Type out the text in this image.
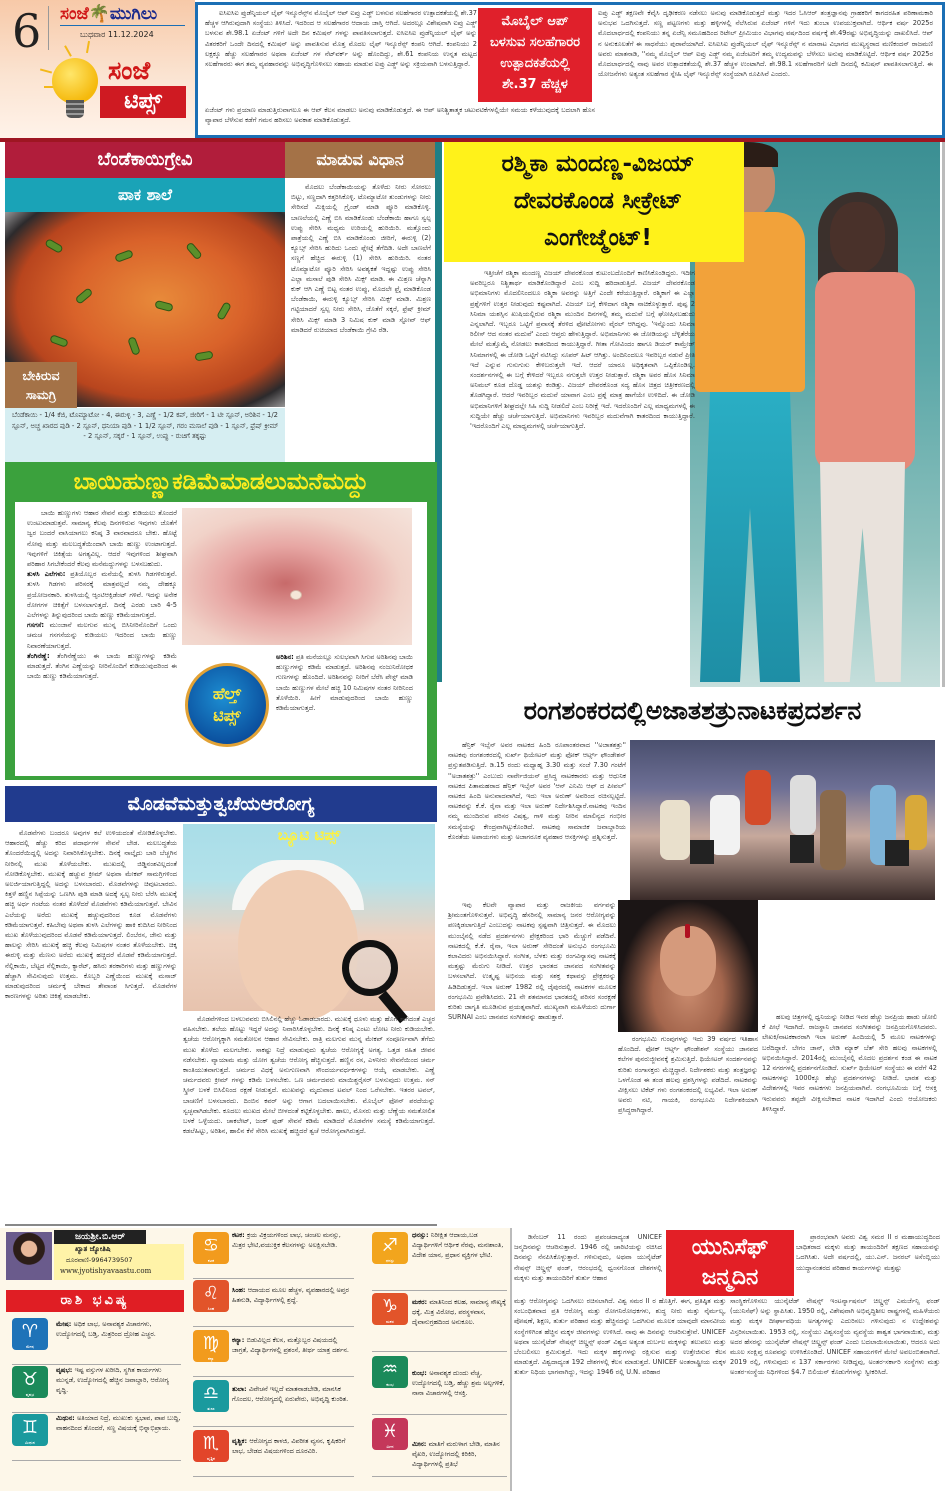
6 ಸಂಜೆ🌴ಮುಗಿಲು
ಬುಧವಾರ 11.12.2024
ಸಂಜೆ
ಟಿಪ್ಸ್

ಐಸಿಐಸಿಐ ಪ್ರುಡೆನ್ಶಿಯಲ್ ಲೈಫ್ ಇನ್ಶೂರೆನ್ಸ್‌ನ ಮೊಬೈಲ್ ಆಪ್ ಐಪ್ರು ಎಡ್ಜ್ ಬಳಸುವ ಸಲಹೆಗಾರರ ಉತ್ಪಾದಕತೆಯಲ್ಲಿ ಶೇ.37 ಹೆಚ್ಚಳ ಆಗಿರುವುದಾಗಿ ಸಂಸ್ಥೆಯು ತಿಳಿಸಿದೆ. ಇದರಿಂದ ಆ ಸಲಹೆಗಾರರ ಆದಾಯ ಜಾಸ್ತಿ ಆಗಿದೆ. ಅದರಲ್ಲೂ ವಿಶೇಷವಾಗಿ ಐಪ್ರು ಎಡ್ಜ್ ಬಳಸುವ ಶೇ.98.1 ಏಜೆಂಟ್ ಗಳಿಗೆ ಅದೇ ದಿನ ಕಮಿಷನ್ ಗಳನ್ನು ಪಾವತಿಸಲಾಗುತ್ತದೆ. ಐಸಿಐಸಿಐ ಪ್ರುಡೆನ್ಶಿಯಲ್ ಲೈಫ್ ಅನ್ನು ವಿತರಕರಿಗೆ ಒಂದೇ ದಿನದಲ್ಲಿ ಕಮಿಷನ್ ಅನ್ನು ಪಾವತಿಸುವ ಮೊತ್ತ ಮೊದಲ ಲೈಫ್ ಇನ್ಶೂರೆನ್ಸ್ ಕಂಪನಿ ಆಗಿದೆ. ಕಂಪನಿಯು 2 ಲಕ್ಷಕ್ಕೂ ಹೆಚ್ಚು ಸಲಹೆಗಾರರ ಅಥವಾ ಏಜೆಂಟ್ ಗಳ ನೆಟ್‌ವರ್ಕ್ ಅನ್ನು ಹೊಂದಿದ್ದು, ಶೇ.61 ಕಂಪನಿಯ ಉನ್ನತ ಮಟ್ಟದ ಸಲಹೆಗಾರರು ಈಗ ತಮ್ಮ ವ್ಯವಹಾರವನ್ನು ಅಭಿವೃದ್ಧಿಗೊಳಿಸಲು ಸಹಾಯ ಮಾಡುವ ಐಪ್ರು ಎಡ್ಜ್ ಅನ್ನು ಸಕ್ರಿಯವಾಗಿ ಬಳಸುತ್ತಿದ್ದಾರೆ.

ಮೊಬೈಲ್ ಆಪ್
ಬಳಸುವ ಸಲಹೆಗಾರರ
ಉತ್ಪಾದಕತೆಯಲ್ಲಿ
ಶೇ.37 ಹೆಚ್ಚಳ

ಏಜೆಂಟ್ ಗಳು ಪ್ರಯಾಣ ಮಾಡುತ್ತಿರುವಾಗಲೂ ಈ ಆಪ್ ಕೆಲಸ ಮಾಡಲು ಅನುವು ಮಾಡಿಕೊಡುತ್ತದೆ. ಈ ಆಪ್ ಅನಿಶ್ಚಿತಾತ್ಮಕ ಚಟುವಟಿಕೆಗಳಲ್ಲಿಯೇ ಸಮಯ ಕಳೆಯುವುದಕ್ಕೆ ಬದಲಾಗಿ ಹೊಸ ವ್ಯಾಪಾರ ಬೆಳೆಸುವ ಕಡೆಗೆ ಗಮನ ಹರಿಸಲು ಅವಕಾಶ ಮಾಡಿಕೊಡುತ್ತದೆ.

ಐಪ್ರು ಎಡ್ಜ್ ತಕ್ಷಣವೇ ಕೆವೈಸಿ ದೃಢೀಕರಣ ನಡೆಸಲು ಅನುವು ಮಾಡಿಕೊಡುತ್ತದೆ ಮತ್ತು ಇದರ ಓಸಿಆರ್ ತಂತ್ರಜ್ಞಾನವು ಗ್ರಾಹಕರಿಗೆ ಕಾಗದರಹಿತ ಪರಿಣಾಮಕಾರಿ ಅನುಭವ ಒದಗಿಸುತ್ತದೆ. ಸಣ್ಣ ಪಟ್ಟಣಗಳು ಮತ್ತು ಹಳ್ಳಿಗಳಲ್ಲಿ ನೆಲೆಸಿರುವ ಏಜೆಂಟ್ ಗಳಿಗೆ ಇದು ತುಂಬಾ ಉಪಯುಕ್ತವಾಗಿದೆ. ಆರ್ಥಿಕ ವರ್ಷ 2025ರ ಮೊದಲಾರ್ಧದಲ್ಲಿ ಕಂಪನಿಯು ತನ್ನ ಏಜೆನ್ಸಿ ಸಮೂಹದಿಂದ ರಿಟೇಲ್ ಪ್ರೀಮಿಯಂ ವಿಭಾಗವು ವರ್ಷದಿಂದ ವರ್ಷಕ್ಕೆ ಶೇ.49ರಷ್ಟು ಅಭಿವೃದ್ಧಿಯನ್ನು ದಾಖಲಿಸಿದೆ. ಆಪ್ ನ ಅನುಕೂಲತೆಗೆ ಈ ಸಾಧನೆಯು ಪುರಾವೆಯಾಗಿದೆ. ಐಸಿಐಸಿಐ ಪ್ರುಡೆನ್ಶಿಯಲ್ ಲೈಫ್ ಇನ್ಶೂರೆನ್ಸ್ ನ ಮಾರಾಟ ವಿಭಾಗದ ಮುಖ್ಯಸ್ಥರಾದ ಮಣಿಕಂದನ್ ರಾಜಮಣಿ ಅವರು ಮಾತನಾಡಿ, ''ನಮ್ಮ ಮೊಬೈಲ್ ಆಪ್ ಐಪ್ರು ಎಡ್ಜ್ ನಮ್ಮ ಏಜೆಂಟರಿಗೆ ತಮ್ಮ ಉದ್ಯಮವನ್ನು ಬೆಳೆಸಲು ಅನುವು ಮಾಡಿಕೊಟ್ಟಿದೆ. ಆರ್ಥಿಕ ವರ್ಷ 2025ರ ಮೊದಲಾರ್ಧದಲ್ಲಿ ನಾವು ಅವರ ಉತ್ಪಾದಕತೆಯಲ್ಲಿ ಶೇ.37 ಹೆಚ್ಚಳ ಉಂಟಾಗಿದೆ. ಶೇ.98.1 ಸಲಹೆಗಾರರಿಗೆ ಅದೇ ದಿನದಲ್ಲಿ ಕಮಿಷನ್ ಪಾವತಿಸಲಾಗುತ್ತಿದೆ. ಈ ಯೋಜನೆಗಳು ಅತ್ಯಂತ ಸಲಹೆಗಾರ ಸ್ನೇಹಿ ಲೈಫ್ ಇನ್ಶೂರೆನ್ಸ್ ಸಂಸ್ಥೆಯಾಗಿ ರೂಪಿಸಿವೆ ಎಂದರು.

ಬೆಂಡೆಕಾಯಿಗ್ರೇವಿ	ಮಾಡುವ ವಿಧಾನ
ಪಾಕ ಶಾಲೆ
ಬೇಕಿರುವ
ಸಾಮಗ್ರಿ
ಬೆಂಡೆಕಾಯಿ - 1/4 ಕೆಜಿ, ಟೊಮ್ಯಾಟೋ - 4, ಈರುಳ್ಳಿ - 3, ಎಣ್ಣೆ - 1/2 ಕಪ್, ಜೀರಿಗೆ - 1 ಟೀ ಸ್ಪೂನ್, ಅರಿಶಿನ - 1/2 ಸ್ಪೂನ್, ಅಚ್ಚ ಖಾರದ ಪುಡಿ - 2 ಸ್ಪೂನ್, ಧನಿಯಾ ಪುಡಿ - 1 1/2 ಸ್ಪೂನ್, ಗರಂ ಮಸಾಲೆ ಪುಡಿ - 1 ಸ್ಪೂನ್, ಫ್ರೆಷ್ ಕ್ರೀಮ್ - 2 ಸ್ಪೂನ್, ಸಕ್ಕರೆ - 1 ಸ್ಪೂನ್, ಉಪ್ಪು - ರುಚಿಗೆ ತಕ್ಕಷ್ಟು

ಮೊದಲು ಬೆಂಡೆಕಾಯಿಯನ್ನು ತೊಳೆದು ನೀರು ಸೋರಲು ಬಿಟ್ಟು, ಸಣ್ಣದಾಗಿ ಕತ್ತರಿಸಿಕೊಳ್ಳಿ. ಟೊಮ್ಯಾಟೋ ತುಂಡುಗಳನ್ನು ನೀರು ಸೇರಿಸದೆ ಮಿಕ್ಸಿಯಲ್ಲಿ ಗ್ರೈಂಡ್ ಮಾಡಿ ಪ್ಯೂರಿ ಮಾಡಿಕೊಳ್ಳಿ. ಬಾಣಲೆಯಲ್ಲಿ ಎಣ್ಣೆ ಬಿಸಿ ಮಾಡಿಕೊಂಡು ಬೆಂಡೆಕಾಯಿ ಹಾಗೂ ಸ್ವಲ್ಪ ಉಪ್ಪು ಸೇರಿಸಿ ಮಧ್ಯಮ ಉರಿಯಲ್ಲಿ ಹುರಿಯಿರಿ. ಮತ್ತೊಂದು ಪಾತ್ರೆಯಲ್ಲಿ ಎಣ್ಣೆ ಬಿಸಿ ಮಾಡಿಕೊಂಡು ಜೀರಿಗೆ, ಈರುಳ್ಳಿ (2) ಕ್ಯೂಬ್ಸ್ ಸೇರಿಸಿ ಹುರಿದು ಒಂದು ಪ್ಲೇಟ್ಗೆ ತೆಗೆದಿಡಿ. ಅದೇ ಬಾಣಲೆಗೆ ಸಣ್ಣಗೆ ಹೆಚ್ಚಿದ ಈರುಳ್ಳಿ (1) ಸೇರಿಸಿ ಹುರಿಯಿರಿ. ನಂತರ ಟೊಮ್ಯಾಟೋ ಪ್ಯೂರಿ ಸೇರಿಸಿ ಅವಶ್ಯಕತೆ ಇದ್ದಷ್ಟು ಉಪ್ಪು ಸೇರಿಸಿ ಎಲ್ಲಾ ಮಸಾಲೆ ಪುಡಿ ಸೇರಿಸಿ ಮಿಕ್ಸ್ ಮಾಡಿ. ಈ ಮಿಶ್ರಣ ಚೆನ್ನಾಗಿ ಕುಕ್ ಆಗಿ ಎಣ್ಣೆ ಬಿಟ್ಟ ನಂತರ ಉಪ್ಪು, ಮೊದಲೇ ಫ್ರೈ ಮಾಡಿಕೊಂಡ ಬೆಂಡೆಕಾಯಿ, ಈರುಳ್ಳಿ ಕ್ಯೂಬ್ಸ್ ಸೇರಿಸಿ ಮಿಕ್ಸ್ ಮಾಡಿ. ಮಿಶ್ರಣ ಗಟ್ಟಿಯಾದರೆ ಸ್ವಲ್ಪ ನೀರು ಸೇರಿಸಿ, ಜೊತೆಗೆ ಸಕ್ಕರೆ, ಫ್ರೆಷ್ ಕ್ರೀಮ್ ಸೇರಿಸಿ ಮಿಕ್ಸ್ ಮಾಡಿ 3 ನಿಮಿಷ ಕುಕ್ ಮಾಡಿ ಸ್ಟೋವ್ ಆಫ್ ಮಾಡಿದರೆ ರುಚಿಯಾದ ಬೆಂಡೆಕಾಯಿ ಗ್ರೇವಿ ರೆಡಿ.

ಬಾಯಿಹುಣ್ಣುಕಡಿಮೆಮಾಡಲುಮನೆಮದ್ದು

ಬಾಯಿ ಹುಣ್ಣುಗಳು ಆಹಾರ ಸೇವನೆ ಮತ್ತು ಕುಡಿಯಲು ತೊಂದರೆ ಉಂಟುಮಾಡುತ್ತವೆ. ಸಾಮಾನ್ಯ ಕೆಲವು ದಿನಗಳಿರುವ ಇವುಗಳು ಜೊತೆಗೆ ಜ್ವರ ಬಂದರೆ ವಾಸಿಯಾಗಲು ಕನಿಷ್ಠ 3 ವಾರವಾದರೂ ಬೇಕು. ಹೊಟ್ಟೆ ನೋವು ಮತ್ತು ಮಲಬದ್ಧತೆಯಿಂದಾಗಿ ಬಾಯಿ ಹುಣ್ಣು ಉಂಟಾಗುತ್ತದೆ. ಇವುಗಳಿಗೆ ಚಿಕಿತ್ಸೆಯ ಅಗತ್ಯವಿಲ್ಲ. ಆದರೆ ಇವುಗಳಿಂದ ಶೀಘ್ರವಾಗಿ ಪರಿಹಾರ ಸಿಗಬೇಕೆಂದರೆ ಕೆಲವು ಮನೆಮದ್ದುಗಳನ್ನು ಬಳಸಬಹುದು.

ತುಳಸಿ ಎಲೆಗಳು: ಪ್ರತಿಯೊಬ್ಬರ ಮನೆಯಲ್ಲಿ ತುಳಸಿ ಗಿಡಗಳಿರುತ್ತವೆ. ತುಳಸಿ ಗಿಡಗಳು ಪರಿಸರಕ್ಕೆ ಮಾತ್ರವಲ್ಲದೆ ನಮ್ಮ ದೇಹಕ್ಕೂ ಪ್ರಯೋಜನಕಾರಿ. ತುಳಸಿಯಲ್ಲಿ ಆ್ಯಂಟಿಆಕ್ಸಿಡೆಂಟ್ ಗಳಿವೆ. ಇದನ್ನು ಅನೇಕ ರೋಗಗಳ ಚಿಕಿತ್ಸೆಗೆ ಬಳಸಲಾಗುತ್ತದೆ. ದಿನಕ್ಕೆ ಎರಡು ಬಾರಿ 4-5 ಎಲೆಗಳನ್ನು ತಿನ್ನುವುದರಿಂದ ಬಾಯಿ ಹುಣ್ಣು ಕಡಿಮೆಯಾಗುತ್ತದೆ.

ಗಸಗಸೆ: ಮುಂಜಾನೆ ಮಲಗುವ ಮುನ್ನ ಬಿಸಿನೀರಿನೊಂದಿಗೆ ಒಂದು ಚಮಚ ಗಸಗಸೆಯನ್ನು ಕುಡಿಯಲು ಇದರಿಂದ ಬಾಯಿ ಹುಣ್ಣು ನಿವಾರಣೆಯಾಗುತ್ತದೆ.

ತೆಂಗಿನೆಣ್ಣೆ: ತೆಂಗಿನೆಣ್ಣೆಯು ಈ ಬಾಯಿ ಹುಣ್ಣುಗಳನ್ನು ಕಡಿಮೆ ಮಾಡುತ್ತದೆ. ತೆಂಗಿನ ಎಣ್ಣೆಯನ್ನು ನೀರಿನೊಂದಿಗೆ ಕುಡಿಯುವುದರಿಂದ ಈ ಬಾಯಿ ಹುಣ್ಣು ಕಡಿಮೆಯಾಗುತ್ತದೆ.

ಅರಿಶಿನ: ಪ್ರತಿ ಮನೆಯಲ್ಲೂ ಸುಲಭವಾಗಿ ಸಿಗುವ ಅರಿಶಿನವು ಬಾಯಿ ಹುಣ್ಣುಗಳನ್ನು ಕಡಿಮೆ ಮಾಡುತ್ತದೆ. ಅರಿಶಿನವು ನಂಜುನಿರೋಧಕ ಗುಣಗಳನ್ನು ಹೊಂದಿದೆ. ಅರಿಶಿನವನ್ನು ನೀರಿಗೆ ಬೆರೆಸಿ ಪೇಸ್ಟ್ ಮಾಡಿ ಬಾಯಿ ಹುಣ್ಣುಗಳ ಮೇಲೆ ಹಚ್ಚಿ 10 ನಿಮಿಷಗಳ ನಂತರ ನೀರಿನಿಂದ ತೊಳೆಯಿರಿ. ಹೀಗೆ ಮಾಡುವುದರಿಂದ ಬಾಯಿ ಹುಣ್ಣು ಕಡಿಮೆಯಾಗುತ್ತದೆ.

ಹೆಲ್ತ್
ಟಿಪ್ಸ್
ಮೊಡವೆಮತ್ತುತ್ವಚೆಯಆರೋಗ್ಯ

ಮೊಡವೆಗಳು ಬಂದರೂ ಅವುಗಳ ಕಲೆ ಉಳಿಯದಂತೆ ನೋಡಿಕೊಳ್ಳಬೇಕು. ಆಹಾರದಲ್ಲಿ ಹೆಚ್ಚು ಕರಿದ ಪದಾರ್ಥಗಳ ಸೇವನೆ ಬೇಡ. ಮಲಬದ್ಧತೆಯ ತೊಂದರೆಯಿದ್ದಲ್ಲಿ ಅದನ್ನು ನಿವಾರಿಸಿಕೊಳ್ಳಬೇಕು. ದಿನಕ್ಕೆ ನಾಲ್ಕೈದು ಬಾರಿ ಬೆಚ್ಚಗಿನ ನೀರಿನಲ್ಲಿ ಮುಖ ತೊಳೆಯಬೇಕು. ಮುಖದಲ್ಲಿ ಜಿಡ್ಡಿನಂಶವಿಲ್ಲದಂತೆ ನೋಡಿಕೊಳ್ಳಬೇಕು. ಮುಖಕ್ಕೆ ಹಚ್ಚುವ ಕ್ರೀಮ್ ಅಥವಾ ಮೇಕಪ್ ಸಾಮಗ್ರಿಗಳಿಂದ ಅಲರ್ಜಿಯಾಗುತ್ತಿದ್ದಲ್ಲಿ ಅದನ್ನು ಬಳಸಬಾರದು. ಮೊಡವೆಗಳನ್ನು ಚಿವುಟಬಾರದು. ಕಿತ್ತಳೆ ಹಣ್ಣಿನ ಸಿಪ್ಪೆಯನ್ನು ಒಣಗಿಸಿ ಪುಡಿ ಮಾಡಿ ಅದಕ್ಕೆ ಸ್ವಲ್ಪ ನೀರು ಬೆರೆಸಿ ಮುಖಕ್ಕೆ ಹಚ್ಚಿ ಅರ್ಧ ಗಂಟೆಯ ನಂತರ ತೊಳೆದರೆ ಮೊಡವೆಗಳು ಕಡಿಮೆಯಾಗುತ್ತವೆ. ಬೇವಿನ ಎಲೆಯನ್ನು ಅರೆದು ಮುಖಕ್ಕೆ ಹಚ್ಚುವುದರಿಂದ ಕೂಡ ಮೊಡವೆಗಳು ಕಡಿಮೆಯಾಗುತ್ತವೆ. ಕಹಿಬೇವು ಅಥವಾ ತುಳಸಿ ಎಲೆಗಳನ್ನು ಹಾಕಿ ಕುದಿಸಿದ ನೀರಿನಿಂದ ಮುಖ ತೊಳೆಯುವುದರಿಂದ ಮೊಡವೆ ಕಡಿಮೆಯಾಗುತ್ತದೆ. ಲಿಂಬೆರಸ, ಜೇನು ಮತ್ತು ಹಾಲನ್ನು ಸೇರಿಸಿ ಮುಖಕ್ಕೆ ಹಚ್ಚಿ ಕೆಲವು ನಿಮಿಷಗಳ ನಂತರ ತೊಳೆಯಬೇಕು. ಚಿಕ್ಕ ಈರುಳ್ಳಿ ಮತ್ತು ಮೆಣಸು ಅರೆದು ಮುಖಕ್ಕೆ ಹಚ್ಚಿದರೆ ಮೊಡವೆ ಕಡಿಮೆಯಾಗುತ್ತದೆ. ನೆಲ್ಲಿಕಾಯಿ, ಬೆಟ್ಟದ ನೆಲ್ಲಿಕಾಯಿ, ಕ್ಯಾರೆಟ್, ಹಸಿರು ತರಕಾರಿಗಳು ಮತ್ತು ಹಣ್ಣುಗಳನ್ನು ಹೆಚ್ಚಾಗಿ ಸೇವಿಸುವುದು ಉತ್ತಮ. ಕೊಬ್ಬರಿ ಎಣ್ಣೆಯಿಂದ ಮುಖಕ್ಕೆ ಮಸಾಜ್ ಮಾಡುವುದರಿಂದ ಚರ್ಮಕ್ಕೆ ಬೇಕಾದ ತೇವಾಂಶ ಸಿಗುತ್ತದೆ. ಮೊಡವೆಗಳ ಕಾರಣಗಳನ್ನು ಅರಿತು ಚಿಕಿತ್ಸೆ ಮಾಡಬೇಕು.

ಬ್ಯೂಟಿ ಟಿಪ್ಸ್

ಮೊಡವೆಗಳಿಂದ ಬಳಲುವವರು ಬಿಸಿಲಿನಲ್ಲಿ ಹೆಚ್ಚು ಓಡಾಡಬಾರದು. ಮುಖಕ್ಕೆ ಧೂಳು ಮತ್ತು ಹೊಗೆ ತಾಗದಂತೆ ಎಚ್ಚರ ವಹಿಸಬೇಕು. ತಲೆಯ ಹೊಟ್ಟು ಇದ್ದರೆ ಅದನ್ನು ನಿವಾರಿಸಿಕೊಳ್ಳಬೇಕು. ದಿನಕ್ಕೆ ಕನಿಷ್ಠ ಎಂಟು ಲೋಟ ನೀರು ಕುಡಿಯಬೇಕು. ತ್ವಚೆಯ ಆರೋಗ್ಯಕ್ಕಾಗಿ ಸಮತೋಲನ ಆಹಾರ ಸೇವಿಸಬೇಕು. ರಾತ್ರಿ ಮಲಗುವ ಮುನ್ನ ಮೇಕಪ್ ಸಂಪೂರ್ಣವಾಗಿ ತೆಗೆದು ಮುಖ ತೊಳೆದು ಮಲಗಬೇಕು. ಸಾಕಷ್ಟು ನಿದ್ರೆ ಮಾಡುವುದು ತ್ವಚೆಯ ಆರೋಗ್ಯಕ್ಕೆ ಅಗತ್ಯ. ಒತ್ತಡ ರಹಿತ ಜೀವನ ನಡೆಸಬೇಕು. ವ್ಯಾಯಾಮ ಮತ್ತು ಯೋಗ ತ್ವಚೆಯ ಆರೋಗ್ಯ ಹೆಚ್ಚಿಸುತ್ತದೆ. ಹಣ್ಣಿನ ರಸ, ಎಳನೀರು ಸೇವನೆಯಿಂದ ಚರ್ಮ ಕಾಂತಿಯುತವಾಗುತ್ತದೆ. ಚರ್ಮದ ವಿಧಕ್ಕೆ ಅನುಗುಣವಾಗಿ ಸೌಂದರ್ಯವರ್ಧಕಗಳನ್ನು ಆಯ್ಕೆ ಮಾಡಬೇಕು. ಎಣ್ಣೆ ಚರ್ಮದವರು ಕ್ರೀಮ್ ಗಳನ್ನು ಕಡಿಮೆ ಬಳಸಬೇಕು. ಒಣ ಚರ್ಮದವರು ಮಾಯಿಶ್ಚರೈಸರ್ ಬಳಸುವುದು ಉತ್ತಮ. ಸನ್ ಸ್ಕ್ರೀನ್ ಬಳಕೆ ಬಿಸಿಲಿನಿಂದ ರಕ್ಷಣೆ ನೀಡುತ್ತದೆ. ಮುಖವನ್ನು ಮೃದುವಾದ ಟವಲ್ ನಿಂದ ಒರೆಸಬೇಕು. ಇತರರ ಟವಲ್, ಬಾಚಣಿಗೆ ಬಳಸಬಾರದು. ದಿಂಬಿನ ಕವರ್ ಅನ್ನು ಆಗಾಗ ಬದಲಾಯಿಸಬೇಕು. ಮೊಬೈಲ್ ಫೋನ್ ಪರದೆಯನ್ನು ಸ್ವಚ್ಛವಾಗಿಡಬೇಕು. ಕೂದಲು ಮುಖದ ಮೇಲೆ ಬೀಳದಂತೆ ಕಟ್ಟಿಕೊಳ್ಳಬೇಕು. ಹಾಲು, ಮೊಸರು ಮತ್ತು ಬೆಣ್ಣೆಯ ಸಮತೋಲಿತ ಬಳಕೆ ಒಳ್ಳೆಯದು. ಚಾಕಲೇಟ್, ಜಂಕ್ ಫುಡ್ ಸೇವನೆ ಕಡಿಮೆ ಮಾಡಿದರೆ ಮೊಡವೆಗಳ ಸಮಸ್ಯೆ ಕಡಿಮೆಯಾಗುತ್ತದೆ. ಕಡಲೆಹಿಟ್ಟು, ಅರಿಶಿನ, ಹಾಲಿನ ಕೆನೆ ಸೇರಿಸಿ ಮುಖಕ್ಕೆ ಹಚ್ಚಿದರೆ ತ್ವಚೆ ಆರೋಗ್ಯವಾಗಿರುತ್ತದೆ.

ರಶ್ಮಿಕಾ ಮಂದಣ್ಣ-ವಿಜಯ್
ದೇವರಕೊಂಡ ಸೀಕ್ರೇಟ್
ಎಂಗೇಜ್ಮೆಂಟ್!

ಇತ್ತೀಚೆಗೆ ರಶ್ಮಿಕಾ ಮಂದಣ್ಣ ವಿಜಯ್ ದೇವರಕೊಂಡ ಕುಟುಂಬದೊಂದಿಗೆ ಕಾಣಿಸಿಕೊಂಡಿದ್ದರು. ಇದೀಗ ಅವರಿಬ್ಬರೂ ನಿಶ್ಚಿತಾರ್ಥ ಮಾಡಿಕೊಂಡಿದ್ದಾರೆ ಎಂಬ ಸುದ್ದಿ ಹರಿದಾಡುತ್ತಿದೆ. ವಿಜಯ್ ದೇವರಕೊಂಡ ಅಭಿಮಾನಿಗಳು ಮೊದಲಿನಿಂದಲೂ ರಶ್ಮಿಕಾ ಅವರನ್ನು ಅತ್ತಿಗೆ ಎಂದೇ ಕರೆಯುತ್ತಿದ್ದಾರೆ. ರಶ್ಮಿಕಾಗೆ ಈ ಎಲ್ಲಾ ಪ್ರಶ್ನೆಗಳಿಗೆ ಉತ್ತರ ನೀಡುವುದು ಕಷ್ಟವಾಗಿದೆ. ವಿಜಯ್ ಬಗ್ಗೆ ಕೇಳಿದಾಗ ರಶ್ಮಿಕಾ ನಾಚಿಕೊಳ್ಳುತ್ತಾರೆ. ಪುಷ್ಪ 2 ಸಿನಿಮಾ ಯಶಸ್ಸಿನ ಖುಷಿಯಲ್ಲಿರುವ ರಶ್ಮಿಕಾ ಮುಂದಿನ ದಿನಗಳಲ್ಲಿ ತಮ್ಮ ಮದುವೆ ಬಗ್ಗೆ ಘೋಷಿಸಬಹುದು ಎನ್ನಲಾಗಿದೆ. ಇಬ್ಬರೂ ಒಟ್ಟಿಗೆ ಪ್ರವಾಸಕ್ಕೆ ತೆರಳಿದ ಫೋಟೋಗಳು ವೈರಲ್ ಆಗಿದ್ದವು. 'ಇನ್ನೊಂದು ಸಿನಿಮಾ ರಿಲೀಸ್ ಆದ ನಂತರ ಮದುವೆ' ಎಂದು ಆಪ್ತರು ಹೇಳುತ್ತಿದ್ದಾರೆ. ಅಭಿಮಾನಿಗಳು ಈ ಜೋಡಿಯನ್ನು ಬೆಳ್ಳಿತೆರೆಯ ಮೇಲೆ ಮತ್ತೊಮ್ಮೆ ನೋಡಲು ಕಾತರದಿಂದ ಕಾಯುತ್ತಿದ್ದಾರೆ. ಗೀತಾ ಗೋವಿಂದಂ ಹಾಗೂ ಡಿಯರ್ ಕಾಮ್ರೇಡ್ ಸಿನಿಮಾಗಳಲ್ಲಿ ಈ ಜೋಡಿ ಒಟ್ಟಿಗೆ ನಟಿಸಿದ್ದು ಸೂಪರ್ ಹಿಟ್ ಆಗಿತ್ತು. ಅಂದಿನಿಂದಲೂ ಇವರಿಬ್ಬರ ನಡುವೆ ಪ್ರೀತಿ ಇದೆ ಎನ್ನುವ ಗುಸುಗುಸು ಕೇಳಿಬರುತ್ತಲೇ ಇದೆ. ಆದರೆ ಯಾರೂ ಅಧಿಕೃತವಾಗಿ ಒಪ್ಪಿಕೊಂಡಿಲ್ಲ. ಸಂದರ್ಶನಗಳಲ್ಲಿ ಈ ಬಗ್ಗೆ ಕೇಳಿದರೆ ಇಬ್ಬರೂ ನಗುತ್ತಲೇ ಉತ್ತರ ನೀಡುತ್ತಾರೆ. ರಶ್ಮಿಕಾ ಅವರ ಹೊಸ ಸಿನಿಮಾ ಅನಿಮಲ್ ಕೂಡ ದೊಡ್ಡ ಯಶಸ್ಸು ಕಂಡಿತ್ತು. ವಿಜಯ್ ದೇವರಕೊಂಡ ಸದ್ಯ ಹೊಸ ಚಿತ್ರದ ಚಿತ್ರೀಕರಣದಲ್ಲಿ ತೊಡಗಿದ್ದಾರೆ. ಆದರೆ ಇವರಿಬ್ಬರ ಮದುವೆ ಯಾವಾಗ ಎಂಬ ಪ್ರಶ್ನೆ ಮಾತ್ರ ಹಾಗೆಯೇ ಉಳಿದಿದೆ. ಈ ಜೋಡಿ ಅಭಿಮಾನಿಗಳಿಗೆ ಶೀಘ್ರದಲ್ಲೇ ಸಿಹಿ ಸುದ್ದಿ ನೀಡಲಿದೆ ಎಂಬ ನಿರೀಕ್ಷೆ ಇದೆ. ಇದರೊಂದಿಗೆ ಎಲ್ಲ ಮಾಧ್ಯಮಗಳಲ್ಲಿ ಈ ಸುದ್ದಿಯೇ ಹೆಚ್ಚು ಚರ್ಚೆಯಾಗುತ್ತಿದೆ. ಅಭಿಮಾನಿಗಳು ಇವರಿಬ್ಬರ ಮದುವೆಗಾಗಿ ಕಾತರದಿಂದ ಕಾಯುತ್ತಿದ್ದಾರೆ. 'ಇದರೊಂದಿಗೆ ಎಲ್ಲ ಮಾಧ್ಯಮಗಳಲ್ಲಿ ಚರ್ಚೆಯಾಗುತ್ತಿದೆ.

ರಂಗಶಂಕರದಲ್ಲಿಅಜಾತಶತ್ರುನಾಟಕಪ್ರದರ್ಶನ

ಹೆನ್ರಿಕ್ ಇಬ್ಸೆನ್ ಅವರ ನಾಟಕದ ಹಿಂದಿ ರೂಪಾಂತರವಾದ ''ಅಜಾತಶತ್ರು'' ನಾಟಕವು ರಂಗಶಂಕರದಲ್ಲಿ ಸುರ್ಖ್ ಥಿಯೇಟರ್ ಮತ್ತು ಫೋಕ್ ಆರ್ಟ್ಸ್ ಫೌಂಡೇಶನ್ ಪ್ರಸ್ತುತಪಡಿಸುತ್ತಿದೆ. ಡಿ.15 ರಂದು ಮಧ್ಯಾಹ್ನ 3.30 ಮತ್ತು ಸಂಜೆ 7.30 ಗಂಟೆಗೆ ''ಅಜಾತಶತ್ರು'' ಎಂಬುದು ನಾರ್ವೇಜಿಯನ್ ಪ್ರಸಿದ್ಧ ನಾಟಕಕಾರರು ಮತ್ತು ಆಧುನಿಕ ನಾಟಕದ ಪಿತಾಮಹರಾದ ಹೆನ್ರಿಕ್ ಇಬ್ಸೆನ್ ಅವರ 'ಆನ್ ಎನಿಮಿ ಆಫ್ ದ ಪೀಪಲ್' ನಾಟಕದ ಹಿಂದಿ ಅನುವಾದವಾಗಿದೆ, ಇದು ಇಲಾ ಅರುಣ್ ಅವರಿಂದ ರಚಿಸಲ್ಪಟ್ಟಿದೆ. ನಾಟಕವನ್ನು ಕೆ.ಕೆ. ರೈನಾ ಮತ್ತು ಇಲಾ ಅರುಣ್ ನಿರ್ದೇಶಿಸಿದ್ದಾರೆ.ನಾಟಕವು ಇಂದಿನ ನಮ್ಮ ಮುಂದಿರುವ ಪರಿಸರ ವಿಷತ್ವ, ಗಾಳಿ ಮತ್ತು ನೀರಿನ ಮಾಲಿನ್ಯದ ಗಂಭೀರ ಸಮಸ್ಯೆಯನ್ನು ಕೇಂದ್ರವಾಗಿಟ್ಟುಕೊಂಡಿದೆ. ನಾಟಕವು ಸಾಮಾಜಿಕ ಜವಾಬ್ದಾರಿಯ ಕೊರತೆಯ ಅಪಾಯಗಳು ಮತ್ತು ಅಜಾಗರೂಕ ವ್ಯವಹಾರ ಆಸಕ್ತಿಗಳನ್ನು ಪ್ರಶ್ನಿಸುತ್ತದೆ.

ಇವು ಕೆಲವೇ ವ್ಯಾಪಾರ ಮತ್ತು ರಾಜಕೀಯ ವರ್ಗವನ್ನು ಶ್ರೀಮಂತಗೊಳಿಸುತ್ತವೆ. ಅಭಿವೃದ್ಧಿ ಹೆಸರಿನಲ್ಲಿ ಸಾಮಾನ್ಯ ಜನರ ಆರೋಗ್ಯವನ್ನು ಪಣಕ್ಕಿಡಲಾಗುತ್ತಿದೆ ಎಂಬುದನ್ನು ನಾಟಕವು ಸ್ಪಷ್ಟವಾಗಿ ಚಿತ್ರಿಸುತ್ತದೆ. ಈ ಮೊದಲು ಮುಂಬೈನಲ್ಲಿ ನಡೆದ ಪ್ರದರ್ಶನಗಳು ಪ್ರೇಕ್ಷಕರಿಂದ ಭಾರಿ ಮೆಚ್ಚುಗೆ ಪಡೆದಿವೆ. ನಾಟಕದಲ್ಲಿ ಕೆ.ಕೆ. ರೈನಾ, ಇಲಾ ಅರುಣ್ ಸೇರಿದಂತೆ ಅನುಭವಿ ರಂಗಭೂಮಿ ಕಲಾವಿದರು ಅಭಿನಯಿಸಿದ್ದಾರೆ. ಸಂಗೀತ, ಬೆಳಕು ಮತ್ತು ರಂಗವಿನ್ಯಾಸವು ನಾಟಕಕ್ಕೆ ಮತ್ತಷ್ಟು ಮೆರುಗು ನೀಡಿದೆ. ಉತ್ತರ ಭಾರತದ ಜಾನಪದ ಸಂಗೀತವನ್ನು ಬಳಸಲಾಗಿದೆ. ಉತ್ಕೃಷ್ಟ ಅಭಿನಯ ಮತ್ತು ಸಶಕ್ತ ಕಥಾವಸ್ತು ಪ್ರೇಕ್ಷಕರನ್ನು ಹಿಡಿದಿಡುತ್ತದೆ. ಇಲಾ ಅರುಣ್ 1982 ರಲ್ಲಿ ಜೈಪುರದಲ್ಲಿ ನಾಟಕಗಳ ಮೂಲಕ ರಂಗಭೂಮಿ ಪ್ರವೇಶಿಸಿದರು. 21 ನೇ ಶತಮಾನದ ಭಾರತದಲ್ಲಿ ಪರಿಸರ ಸಂರಕ್ಷಣೆ ಕುರಿತು ಜಾಗೃತಿ ಮೂಡಿಸುವ ಪ್ರಯತ್ನವಾಗಿದೆ. ಮುಖ್ಯವಾಗಿ ಮಹಿಳೆಯರು ದುರ್ಗಾ SURNAI ಎಂಬ ಜಾನಪದ ಸಂಗೀತವನ್ನು ಹಾಡುತ್ತಾರೆ.

ರಂಗಭೂಮಿ ಗುಂಪುಗಳನ್ನು ಇದು 39 ವರ್ಷದ ಇತಿಹಾಸ ಹೊಂದಿದೆ. ಫೋಕ್ ಆರ್ಟ್ಸ್ ಫೌಂಡೇಶನ್ ಸಂಸ್ಥೆಯು ಜಾನಪದ ಕಲೆಗಳ ಪುನರುಜ್ಜೀವನಕ್ಕೆ ಶ್ರಮಿಸುತ್ತಿದೆ. ಥಿಯೇಟರ್ ಸಂದರ್ಶನವನ್ನು ಕುರಿತು ರಂಗಾಸಕ್ತರು ಮೆಚ್ಚಿದ್ದಾರೆ. ನಿರ್ದೇಶಕರು ಮತ್ತು ತಂತ್ರಜ್ಞರನ್ನು ಒಳಗೊಂಡ ಈ ತಂಡ ಹಲವು ಪ್ರಶಸ್ತಿಗಳನ್ನು ಪಡೆದಿದೆ. ನಾಟಕವನ್ನು ವೀಕ್ಷಿಸಲು ಟಿಕೆಟ್ ಗಳು ರಂಗಶಂಕರದಲ್ಲಿ ಲಭ್ಯವಿವೆ. ಇಲಾ ಅರುಣ್ ಅವರು ನಟಿ, ಗಾಯಕಿ, ರಂಗಭೂಮಿ ನಿರ್ದೇಶಕಿಯಾಗಿ ಪ್ರಸಿದ್ಧರಾಗಿದ್ದಾರೆ.

ಹಲವು ಚಿತ್ರಗಳಲ್ಲಿ ಧ್ವನಿಯನ್ನು ನೀಡಿದ ಇವರ ಹೆಚ್ಚು ಜನಪ್ರಿಯ ಹಾಡು ಚೋಲಿ ಕೆ ಪೀಛೆ ಇದಾಗಿದೆ. ರಾಜಸ್ಥಾನಿ ಜಾನಪದ ಸಂಗೀತವನ್ನು ಜನಪ್ರಿಯಗೊಳಿಸಿದವರು. ಲೇಖಕಿ/ನಾಟಕಕಾರರಾಗಿ ಇಲಾ ಅರುಣ್ ಹಿಂದಿಯಲ್ಲಿ 5 ಮೂಲ ನಾಟಕಗಳನ್ನು ಬರೆದಿದ್ದಾರೆ. ಬೇಗಂ ಜಾನ್, ಲೇಡಿ ಮ್ಯಾಕ್ ಬೆತ್ ಸೇರಿ ಹಲವು ನಾಟಕಗಳಲ್ಲಿ ಅಭಿನಯಿಸಿದ್ದಾರೆ. 2014ರಲ್ಲಿ ಮುಂಬೈನಲ್ಲಿ ಮೊದಲ ಪ್ರದರ್ಶನ ಕಂಡ ಈ ನಾಟಕ 12 ನಗರಗಳಲ್ಲಿ ಪ್ರದರ್ಶನಗೊಂಡಿದೆ. ಸುರ್ಖ್ ಥಿಯೇಟರ್ ಸಂಸ್ಥೆಯು ಈ ವರೆಗೆ 42 ನಾಟಕಗಳನ್ನು 1000ಕ್ಕೂ ಹೆಚ್ಚು ಪ್ರದರ್ಶನಗಳನ್ನು ನೀಡಿದೆ. ಭಾರತ ಮತ್ತು ವಿದೇಶಗಳಲ್ಲಿ ಇವರ ನಾಟಕಗಳು ಜನಪ್ರಿಯವಾಗಿವೆ. ರಂಗಭೂಮಿಯ ಬಗ್ಗೆ ಆಸಕ್ತಿ ಇರುವವರು ತಪ್ಪದೇ ವೀಕ್ಷಿಸಬೇಕಾದ ನಾಟಕ ಇದಾಗಿದೆ ಎಂದು ಆಯೋಜಕರು ತಿಳಿಸಿದ್ದಾರೆ.

ಜಯಶ್ರೀ.ಬಿ.ಆರ್
ಖ್ಯಾತ ಜ್ಯೋತಿಷಿ
ದೂರವಾಣಿ-9964739507
www.jyotishyavaastu.com
ರಾಶಿ ಭವಿಷ್ಯ
♈
ಮೇಷ
ಮೇಷ: ಅಧಿಕ ಲಾಭ, ಅನಾವಶ್ಯಕ ವಿಚಾರಗಳು, ಉದ್ಯೋಗದಲ್ಲಿ ಬಡ್ತಿ, ಮಿತ್ರರಿಂದ ದ್ರೋಹ ಎಚ್ಚರ.
♉
ವೃಷಭ
ವೃಷಭ: ಇಷ್ಟ ವಸ್ತುಗಳ ಖರೀದಿ, ಸ್ಥಗಿತ ಕಾರ್ಯಗಳು ಮುನ್ನಡೆ, ಉದ್ಯೋಗದಲ್ಲಿ ಹೆಚ್ಚಿನ ಜವಾಬ್ದಾರಿ, ಆರೋಗ್ಯ ವೃದ್ಧಿ.
♊
ಮಿಥುನ
ಮಿಥುನ: ಅತಿಯಾದ ನಿದ್ರೆ, ಮುಖುಕು ಸ್ವಭಾವ, ಪಾಪ ಬುದ್ಧಿ, ವಾಹನದಿಂದ ತೊಂದರೆ, ಸಣ್ಣ ವಿಷಯಕ್ಕೆ ಭಿನ್ನಾಭಿಪ್ರಾಯ.
♋
ಕಟಕ
ಕಟಕ: ಕ್ರಯ ವಿಕ್ರಯಗಳಿಂದ ಲಾಭ, ಚಂಚಲ ಮನಸ್ಸು, ಮಿತ್ರರ ಭೇಟಿ,ವಯುಕ್ತಿಕ ಕೆಲಸಗಳನ್ನು ಅಲಕ್ಷಿಸಬೇಡಿ.
♌
ಸಿಂಹ
ಸಿಂಹ: ಆದಾಯದ ಮೂಲ ಹೆಚ್ಚಳ, ವ್ಯವಹಾರದಲ್ಲಿ ಅಪ್ತರ ಹಿತನುಡಿ, ವಿದ್ಯಾರ್ಥಿಗಳಲ್ಲಿ ಶ್ರದ್ಧೆ.
♍
ಕನ್ಯಾ
ಕನ್ಯಾ: ಬಿಡುವಿಲ್ಲದ ಕೆಲಸ, ಮತ್ತೊಬ್ಬರ ವಿಷಯದಲ್ಲಿ ಜಾಗ್ರತೆ, ವಿದ್ಯಾರ್ಥಿಗಳಲ್ಲಿ ಪ್ರಶಂಸೆ, ತೀರ್ಥ ಯಾತ್ರ ದರ್ಶನ.
♎
ತುಲಾ
ತುಲಾ: ವಿವೇಚನೆ ಇಲ್ಲದೆ ಮಾತನಾಡಬೇಡಿ, ಮಾನಸಿಕ ಗೊಂದಲ, ಆರೋಗ್ಯದಲ್ಲಿ ಏರುಪೇರು, ಅಭಿವೃದ್ಧಿ ಕುಂಠಿತ.
♏
ವೃಶ್ಚಿಕ
ವೃಶ್ಚಿಕ: ಆರೋಗ್ಯದ ಕಾಳಜಿ, ವಿಪರೀತ ವ್ಯಸನ, ಕೃಷಿಕರಿಗೆ ಲಾಭ, ಬೇಡದ ವಿಷಯಗಳಿಂದ ದೂರವಿರಿ.
♐
ಧನಸ್ಸು
ಧನಸ್ಸು: ನಿರೀಕ್ಷಿತ ಆದಾಯ,ಬಡ ವಿದ್ಯಾರ್ಥಿಗಳಿಗೆ ಆರ್ಥಿಕ ನೆರವು, ಮನಃಶಾಂತಿ, ವಿದೇಶ ಯಾನ, ಪ್ರಧಾನ ವ್ಯಕ್ತಿಗಳ ಭೇಟಿ.
♑
ಮಕರ
ಮಕರ: ಮಾತಿನಿಂದ ಕಲಹ, ಸಾಮಾನ್ಯ ಸೌಖ್ಯಕ್ಕೆ ಧಕ್ಕೆ, ಮಿತ್ರ ವಿರೋಧ, ಪರಸ್ಥಳವಾಸ, ದೈವಾನುಗ್ರಹದಿಂದ ಅನುಕೂಲ.
♒
ಕುಂಭ
ಕುಂಭ: ಅನಾವಶ್ಯಕ ದುಂದು ವೆಚ್ಚ, ಉದ್ಯೋಗದಲ್ಲಿ ಬಡ್ತಿ, ಹೆಚ್ಚು ಶ್ರಮ ಅಲ್ಪಗಳಿಕೆ, ನಾನಾ ವಿಚಾರಗಳಲ್ಲಿ ಆಸಕ್ತಿ.
♓
ಮೀನ	ಮೀನ: ಮಾತಿಗೆ ಮರುಳಾಗ ಬೇಡಿ, ಮಾತಿನ ವೈಖರಿ, ಉದ್ಯೋಗದಲ್ಲಿ ಕಿರಿಕಿರಿ, ವಿದ್ಯಾರ್ಥಿಗಳಲ್ಲಿ ಪ್ರತಿಭೆ
ಯುನಿಸೆಫ್
ಜನ್ಮದಿನ

ಡಿಸೆಂಬರ್ 11 ರಂದು ಪ್ರಪಂಚದಾದ್ಯಂತ UNICEF ಜನ್ಮದಿನವನ್ನು ಆಚರಿಸುತ್ತಾರೆ. 1946 ರಲ್ಲಿ ಚಾರಿಟಿಯನ್ನು ರಚಿಸಿದ ದಿನವನ್ನು ನೆನಪಿಸಿಕೊಳ್ಳುತ್ತಾರೆ. ಗಳಿಸುವುದು, ಅಥವಾ ಯುನೈಟೆಡ್ ನೇಷನ್ಸ್ ಚಿಲ್ಡ್ರನ್ಸ್ ಫಂಡ್, ಆರಂಭದಲ್ಲಿ ಧ್ವಂಸಗೊಂಡ ದೇಶಗಳಲ್ಲಿ ಮಕ್ಕಳು ಮತ್ತು ತಾಯಂದಿರಿಗೆ ತುರ್ತು ಆಹಾರ

ಪ್ರಾರಂಭವಾಗಿ ಅವರು ವಿಶ್ವ ಸಮರ II ರ ಮಹಾಯುದ್ಧದಿಂದ ಬಾಧಿತರಾದ ಮಕ್ಕಳು ಮತ್ತು ತಾಯಂದಿರಿಗೆ ತಕ್ಷಣದ ಸಹಾಯವನ್ನು ಒದಗಿಸಿತು. ಅದೇ ವರ್ಷದಲ್ಲಿ, ಯು.ಎನ್. ಜನರಲ್ ಅಸೆಂಬ್ಲಿಯು ಯುದ್ಧಾನಂತರದ ಪರಿಹಾರ ಕಾರ್ಯಗಳನ್ನು ಮತ್ತಷ್ಟು

ಮತ್ತು ಆರೋಗ್ಯವನ್ನು ಒದಗಿಸಲು ರಚಿಸಲಾಗಿದೆ. ವಿಶ್ವ ಸಮರ II ರ ಹೊತ್ತಿಗೆ. ಈಗ, ಪ್ರತಿಷ್ಠಿತ ಮತ್ತು ಸಂಬಂಧಿತವಾದ ಪ್ರತಿ ಆರೋಗ್ಯ ಮತ್ತು ರೋಗನಿರೋಧಕಗಳು, ಶುದ್ಧ ನೀರು ಮತ್ತು ನೈರ್ಮಲ್ಯ, ಪೋಷಣೆ, ಶಿಕ್ಷಣ, ತುರ್ತು ಪರಿಹಾರ ಮತ್ತು ಹೆಚ್ಚಿನದನ್ನು ಒದಗಿಸುವ ಮೂಲಕ ಯಾವುದೇ ಮಾನವೀಯ ಸಂಸ್ಥೆಗಳಿಗಿಂತ ಹೆಚ್ಚಿನ ಮಕ್ಕಳ ಜೀವಗಳನ್ನು ಉಳಿಸಿದೆ. ನಾವು ಈ ದಿನವನ್ನು ಆಚರಿಸುತ್ತೇವೆ. UNICEF ಅಥವಾ ಯುನೈಟೆಡ್ ನೇಷನ್ಸ್ ಚಿಲ್ಡ್ರನ್ಸ್ ಫಂಡ್ ವಿಶ್ವದ ಅತ್ಯಂತ ದುರ್ಬಲ ಮಕ್ಕಳನ್ನು ತಲುಪಲು ಮತ್ತು ಬೆಂಬಲಿಸಲು ಶ್ರಮಿಸುತ್ತದೆ. ಇದು ಮಕ್ಕಳ ಹಕ್ಕುಗಳನ್ನು ರಕ್ಷಿಸುವ ಮತ್ತು ಉತ್ತೇಜಿಸುವ ಕೆಲಸ ಮಾಡುತ್ತದೆ. ವಿಶ್ವದಾದ್ಯಂತ 192 ದೇಶಗಳಲ್ಲಿ ಕೆಲಸ ಮಾಡುತ್ತದೆ. UNICEF ಅಂತರಾಷ್ಟ್ರೀಯ ಮಕ್ಕಳ ತುರ್ತು ನಿಧಿಯ ಭಾಗವಾಗಿದ್ದು, ಇದನ್ನು 1946 ರಲ್ಲಿ U.N. ಪರಿಹಾರ

ಸಾಂಸ್ಥಿಕಗೊಳಿಸಲು ಯುನೈಟೆಡ್ ನೇಷನ್ಸ್ ಇಂಟರ್ನ್ಯಾಷನಲ್ ಚಿಲ್ಡ್ರನ್ಸ್ ಎಮರ್ಜೆನ್ಸಿ ಫಂಡ್ (ಯುನಿಸೆಫ್) ಅನ್ನು ಸ್ಥಾಪಿಸಿತು. 1950 ರಲ್ಲಿ, ವಿಶೇಷವಾಗಿ ಅಭಿವೃದ್ಧಿಶೀಲ ರಾಷ್ಟ್ರಗಳಲ್ಲಿ ಮಹಿಳೆಯರು ಮತ್ತು ಮಕ್ಕಳ ದೀರ್ಘಾವಧಿಯ ಅಗತ್ಯಗಳನ್ನು ಎದುರಿಸಲು ಗಳಿಸುವುದು ನ ಉದ್ದೇಶವನ್ನು ವಿಸ್ತರಿಸಲಾಯಿತು. 1953 ರಲ್ಲಿ, ಸಂಸ್ಥೆಯು ವಿಶ್ವಸಂಸ್ಥೆಯ ವ್ಯವಸ್ಥೆಯ ಶಾಶ್ವತ ಭಾಗವಾಯಿತು, ಮತ್ತು ಅದರ ಹೆಸರನ್ನು ಯುನೈಟೆಡ್ ನೇಷನ್ಸ್ ಚಿಲ್ಡ್ರನ್ಸ್ ಫಂಡ್ ಎಂದು ಬದಲಾಯಿಸಲಾಯಿತು, ಆದರೂ ಅದು ಮೂಲ ಸಂಕ್ಷಿಪ್ತ ರೂಪವನ್ನು ಉಳಿಸಿಕೊಂಡಿದೆ. UNICEF ಸಹಾಯಗಳಿಗೆ ಮೇಲೆ ಅವಲಂಬಿತವಾಗಿದೆ. 2019 ರಲ್ಲಿ, ಗಳಿಸುವುದು ನ 137 ಸರ್ಕಾರಗಳು ನೀಡಿದ್ದವು, ಅಂತರ-ಸರ್ಕಾರಿ ಸಂಸ್ಥೆಗಳು ಮತ್ತು ಅಂತರ-ಸಂಸ್ಥೆಯ ನಿಧಿಗಳಿಂದ $4.7 ಬಿಲಿಯನ್ ಕೊಡುಗೆಗಳನ್ನು ಸ್ವೀಕರಿಸಿದೆ.
